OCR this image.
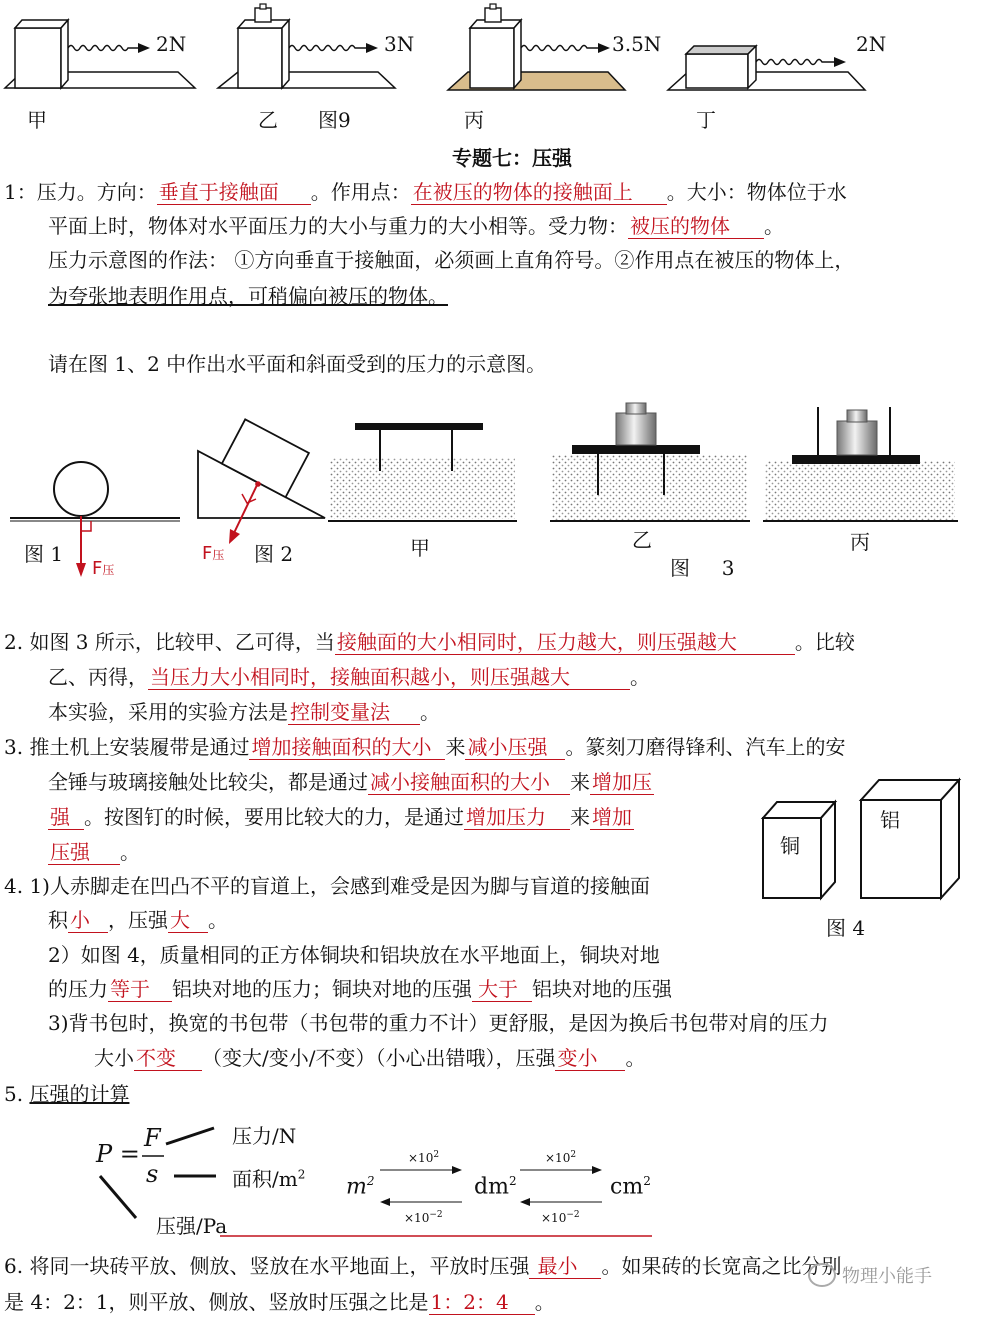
2N	3N	3.5N	2N
甲	乙 图9	丙	丁
专题七：压强
1：压力。方向： 垂直于接触面 。作用点： 在被压的物体的接触面上 。大小：物体位于水
平面上时，物体对水平面压力的大小与重力的大小相等。受力物： 被压的物体 。
压力示意图的作法： ①方向垂直于接触面，必须画上直角符号。②作用点在被压的物体上，
为夸张地表明作用点，可稍偏向被压的物体。
请在图 1、2 中作出水平面和斜面受到的压力的示意图。
图 1
F压
F压 图 2	甲	乙
图     3
丙
2. 如图 3 所示，比较甲、乙可得，当 接触面的大小相同时，压力越大，则压强越大	。比较
乙、丙得， 当压力大小相同时，接触面积越小，则压强越大	。
本实验，采用的实验方法是 控制变量法 。
3. 推土机上安装履带是通过 增加接触面积的大小 来 减小压强 。篆刻刀磨得锋利、汽车上的安
全锤与玻璃接触处比较尖，都是通过 减小接触面积的大小 来 增加压
强 。按图钉的时候，要用比较大的力，是通过 增加压力 来 增加
压强 。	铜
铝
图 4
4. 1)人赤脚走在凹凸不平的盲道上，会感到难受是因为脚与盲道的接触面
积 小 ，压强 大 。
2）如图 4，质量相同的正方体铜块和铝块放在水平地面上，铜块对地
的压力 等于 铝块对地的压力；铜块对地的压强 大于 铝块对地的压强
3)背书包时，换宽的书包带（书包带的重力不计）更舒服，是因为换后书包带对肩的压力
大小 不变 （变大/变小/不变）（小心出错哦），压强 变小 。
5. 压强的计算
P =
F
s
压力/N
面积$/m^2$
压强/Pa
$m^2$	$dm^2$	$cm^2$
$\times 10^2$	$\times 10^2$
$\times 10^{-2}$	$\times 10^{-2}$
6. 将同一块砖平放、侧放、竖放在水平地面上，平放时压强 最小 。如果砖的长宽高之比分别
是 4：2：1，则平放、侧放、竖放时压强之比是 1：2：4 。
物理小能手
